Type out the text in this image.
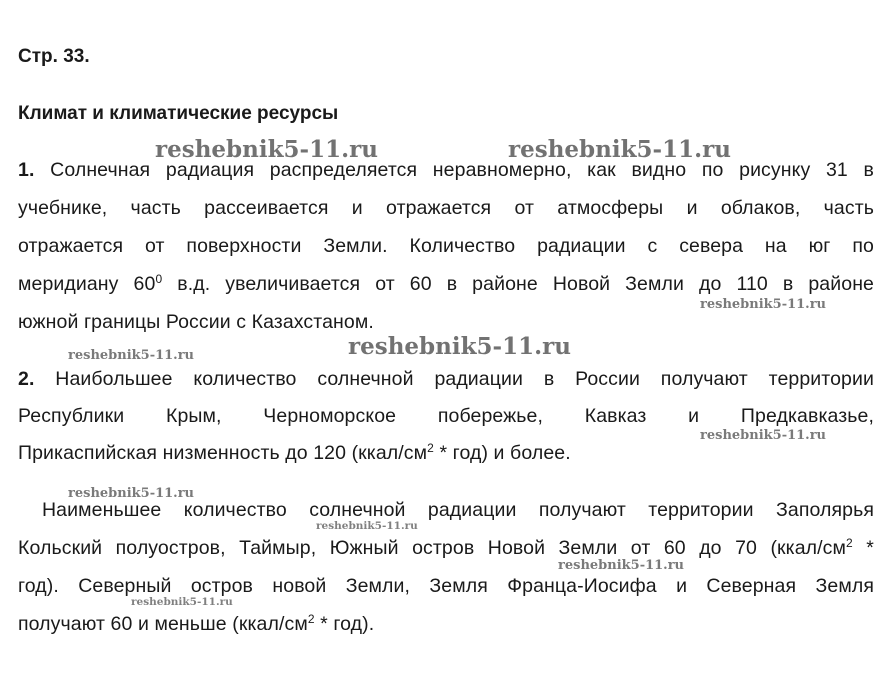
Стр. 33.
Климат и климатические ресурсы
1. Солнечная радиация распределяется неравномерно, как видно по рисунку 31 в
учебнике, часть рассеивается и отражается от атмосферы и облаков, часть
отражается от поверхности Земли. Количество радиации с севера на юг по
меридиану $60^0$ в.д. увеличивается от 60 в районе Новой Земли до 110 в районе
южной границы России с Казахстаном.
2. Наибольшее количество солнечной радиации в России получают территории
Республики Крым, Черноморское побережье, Кавказ и Предкавказье,
Прикаспийская низменность до 120 $(ккал/см^2 * год)$ и более.
Наименьшее количество солнечной радиации получают территории Заполярья
Кольский полуостров, Таймыр, Южный остров Новой Земли от 60 до 70 ($ккал/см^2$ *
год). Северный остров новой Земли, Земля Франца-Иосифа и Северная Земля
получают 60 и меньше $(ккал/см^2 * год)$.
reshebnik5-11.ru	reshebnik5-11.ru
reshebnik5-11.ru
reshebnik5-11.ru
reshebnik5-11.ru
reshebnik5-11.ru
reshebnik5-11.ru
reshebnik5-11.ru
reshebnik5-11.ru
reshebnik5-11.ru
